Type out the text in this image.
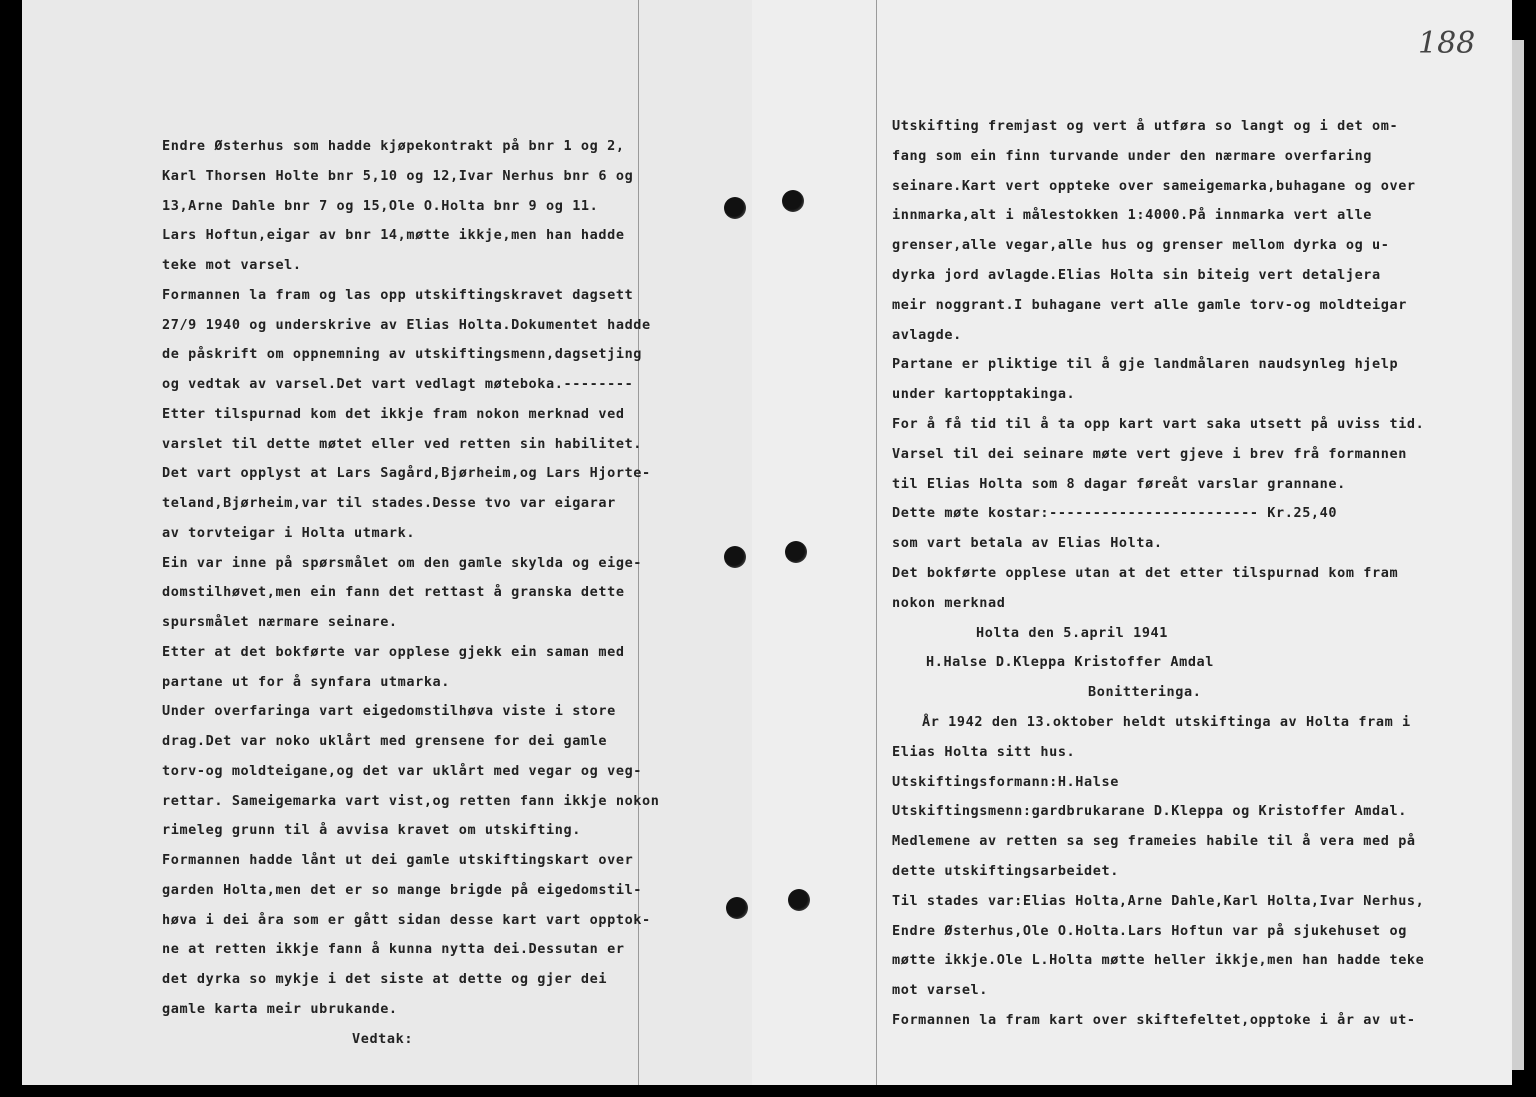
Endre Østerhus som hadde kjøpekontrakt på bnr 1 og 2,
Karl Thorsen Holte bnr 5,10 og 12,Ivar Nerhus bnr 6 og
13,Arne Dahle bnr 7 og 15,Ole O.Holta bnr 9 og 11.
Lars Hoftun,eigar av bnr 14,møtte ikkje,men han hadde
teke mot varsel.
Formannen la fram og las opp utskiftingskravet dagsett
27/9 1940 og underskrive av Elias Holta.Dokumentet hadde
de påskrift om oppnemning av utskiftingsmenn,dagsetjing
og vedtak av varsel.Det vart vedlagt møteboka.--------
Etter tilspurnad kom det ikkje fram nokon merknad ved
varslet til dette møtet eller ved retten sin habilitet.
Det vart opplyst at Lars Sagård,Bjørheim,og Lars Hjorte-
teland,Bjørheim,var til stades.Desse tvo var eigarar
av torvteigar i Holta utmark.
Ein var inne på spørsmålet om den gamle skylda og eige-
domstilhøvet,men ein fann det rettast å granska dette
spursmålet nærmare seinare.
Etter at det bokførte var opplese gjekk ein saman med
partane ut for å synfara utmarka.
Under overfaringa vart eigedomstilhøva viste i store
drag.Det var noko uklårt med grensene for dei gamle
torv-og moldteigane,og det var uklårt med vegar og veg-
rettar. Sameigemarka vart vist,og retten fann ikkje nokon
rimeleg grunn til å avvisa kravet om utskifting.
Formannen hadde lånt ut dei gamle utskiftingskart over
garden Holta,men det er so mange brigde på eigedomstil-
høva i dei åra som er gått sidan desse kart vart opptok-
ne at retten ikkje fann å kunna nytta dei.Dessutan er
det dyrka so mykje i det siste at dette og gjer dei
gamle karta meir ubrukande.
Vedtak:
Utskifting fremjast og vert å utføra so langt og i det om-
fang som ein finn turvande under den nærmare overfaring
seinare.Kart vert oppteke over sameigemarka,buhagane og over
innmarka,alt i målestokken 1:4000.På innmarka vert alle
grenser,alle vegar,alle hus og grenser mellom dyrka og u-
dyrka jord avlagde.Elias Holta sin biteig vert detaljera
meir noggrant.I buhagane vert alle gamle torv-og moldteigar
avlagde.
Partane er pliktige til å gje landmålaren naudsynleg hjelp
under kartopptakinga.
For å få tid til å ta opp kart vart saka utsett på uviss tid.
Varsel til dei seinare møte vert gjeve i brev frå formannen
til Elias Holta som 8 dagar føreåt varslar grannane.
Dette møte kostar:------------------------ Kr.25,40
som vart betala av Elias Holta.
Det bokførte opplese utan at det etter tilspurnad kom fram
nokon merknad
Holta den 5.april 1941
H.Halse D.Kleppa Kristoffer Amdal
Bonitteringa.
År 1942 den 13.oktober heldt utskiftinga av Holta fram i
Elias Holta sitt hus.
Utskiftingsformann:H.Halse
Utskiftingsmenn:gardbrukarane D.Kleppa og Kristoffer Amdal.
Medlemene av retten sa seg frameies habile til å vera med på
dette utskiftingsarbeidet.
Til stades var:Elias Holta,Arne Dahle,Karl Holta,Ivar Nerhus,
Endre Østerhus,Ole O.Holta.Lars Hoftun var på sjukehuset og
møtte ikkje.Ole L.Holta møtte heller ikkje,men han hadde teke
mot varsel.
Formannen la fram kart over skiftefeltet,opptoke i år av ut-
188
